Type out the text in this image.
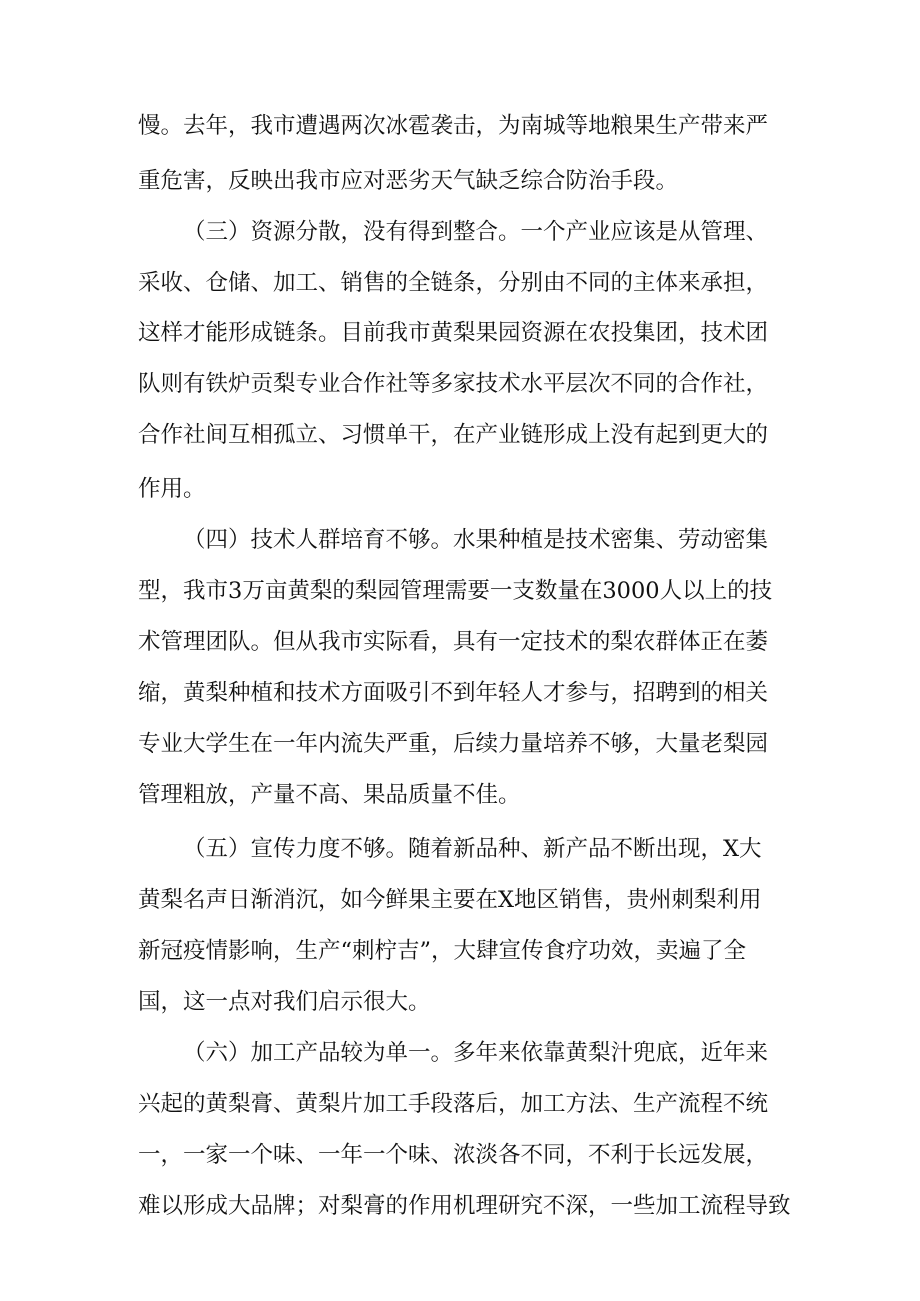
慢。去年，我市遭遇两次冰雹袭击，为南城等地粮果生产带来严
重危害，反映出我市应对恶劣天气缺乏综合防治手段。
（三）资源分散，没有得到整合。一个产业应该是从管理、
采收、仓储、加工、销售的全链条，分别由不同的主体来承担，
这样才能形成链条。目前我市黄梨果园资源在农投集团，技术团
队则有铁炉贡梨专业合作社等多家技术水平层次不同的合作社，
合作社间互相孤立、习惯单干，在产业链形成上没有起到更大的
作用。
（四）技术人群培育不够。水果种植是技术密集、劳动密集
型，我市3万亩黄梨的梨园管理需要一支数量在3000人以上的技
术管理团队。但从我市实际看，具有一定技术的梨农群体正在萎
缩，黄梨种植和技术方面吸引不到年轻人才参与，招聘到的相关
专业大学生在一年内流失严重，后续力量培养不够，大量老梨园
管理粗放，产量不高、果品质量不佳。
（五）宣传力度不够。随着新品种、新产品不断出现，X大
黄梨名声日渐消沉，如今鲜果主要在X地区销售，贵州刺梨利用
新冠疫情影响，生产“刺柠吉”，大肆宣传食疗功效，卖遍了全
国，这一点对我们启示很大。
（六）加工产品较为单一。多年来依靠黄梨汁兜底，近年来
兴起的黄梨膏、黄梨片加工手段落后，加工方法、生产流程不统
一，一家一个味、一年一个味、浓淡各不同，不利于长远发展，
难以形成大品牌；对梨膏的作用机理研究不深，一些加工流程导致
